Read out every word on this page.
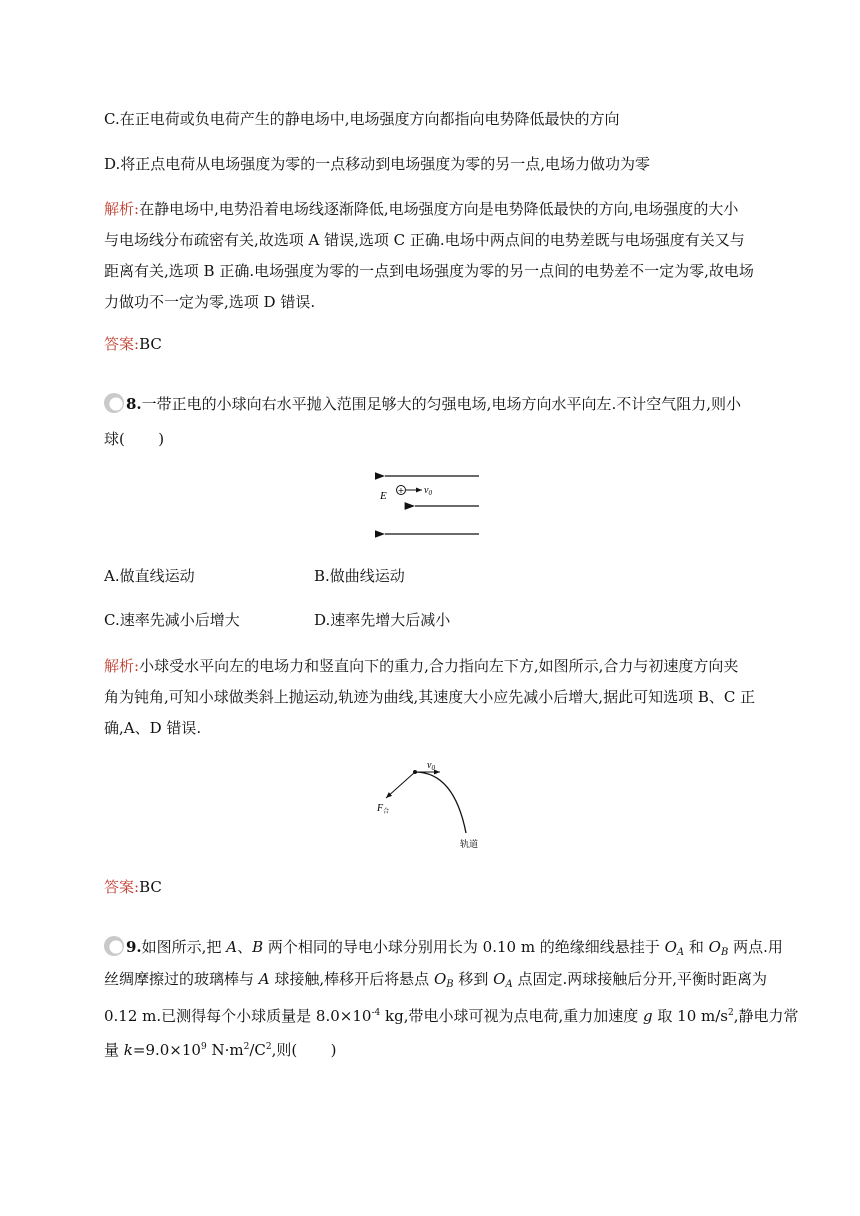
C.在正电荷或负电荷产生的静电场中,电场强度方向都指向电势降低最快的方向
D.将正点电荷从电场强度为零的一点移动到电场强度为零的另一点,电场力做功为零
解析:在静电场中,电势沿着电场线逐渐降低,电场强度方向是电势降低最快的方向,电场强度的大小
与电场线分布疏密有关,故选项 A 错误,选项 C 正确.电场中两点间的电势差既与电场强度有关又与
距离有关,选项 B 正确.电场强度为零的一点到电场强度为零的另一点间的电势差不一定为零,故电场
力做功不一定为零,选项 D 错误.
答案:BC
8.一带正电的小球向右水平抛入范围足够大的匀强电场,电场方向水平向左.不计空气阻力,则小
球(       )
$E + v_0$
A.做直线运动	B.做曲线运动
C.速率先减小后增大	D.速率先增大后减小
解析:小球受水平向左的电场力和竖直向下的重力,合力指向左下方,如图所示,合力与初速度方向夹
角为钝角,可知小球做类斜上抛运动,轨迹为曲线,其速度大小应先减小后增大,据此可知选项 B、C 正
确,A、D 错误.
$v_0$
$F_合$
轨道
答案:BC
9.如图所示,把 A、B 两个相同的导电小球分别用长为 0.10 m 的绝缘细线悬挂于 $O_A$ 和 $O_B$ 两点.用
丝绸摩擦过的玻璃棒与 A 球接触,棒移开后将悬点 $O_B$ 移到 $O_A$ 点固定.两球接触后分开,平衡时距离为
0.12 m.已测得每个小球质量是 $8.0\times 10^{-4}$ kg,带电小球可视为点电荷,重力加速度 g 取 10 $m/s^2$,静电力常
量 $k=9.0\times 10^9$ $N\cdot m^2/C^2$,则(       )
